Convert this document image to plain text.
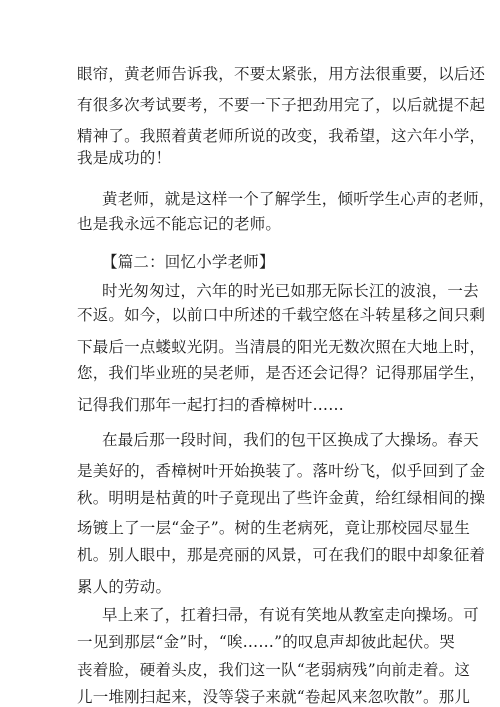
眼帘，黄老师告诉我，不要太紧张，用方法很重要，以后还
有很多次考试要考，不要一下子把劲用完了，以后就提不起
精神了。我照着黄老师所说的改变，我希望，这六年小学，
我是成功的！
黄老师，就是这样一个了解学生，倾听学生心声的老师，
也是我永远不能忘记的老师。
【篇二：回忆小学老师】
时光匆匆过，六年的时光已如那无际长江的波浪，一去
不返。如今，以前口中所述的千载空悠在斗转星移之间只剩
下最后一点蝼蚁光阴。当清晨的阳光无数次照在大地上时，
您，我们毕业班的吴老师，是否还会记得？记得那届学生，
记得我们那年一起打扫的香樟树叶……
在最后那一段时间，我们的包干区换成了大操场。春天
是美好的，香樟树叶开始换装了。落叶纷飞，似乎回到了金
秋。明明是枯黄的叶子竟现出了些许金黄，给红绿相间的操
场镀上了一层“金子”。树的生老病死，竟让那校园尽显生
机。别人眼中，那是亮丽的风景，可在我们的眼中却象征着
累人的劳动。
早上来了，扛着扫帚，有说有笑地从教室走向操场。可
一见到那层“金”时，“唉……”的叹息声却彼此起伏。哭
丧着脸，硬着头皮，我们这一队“老弱病残”向前走着。这
儿一堆刚扫起来，没等袋子来就“卷起风来忽吹散”。那儿
